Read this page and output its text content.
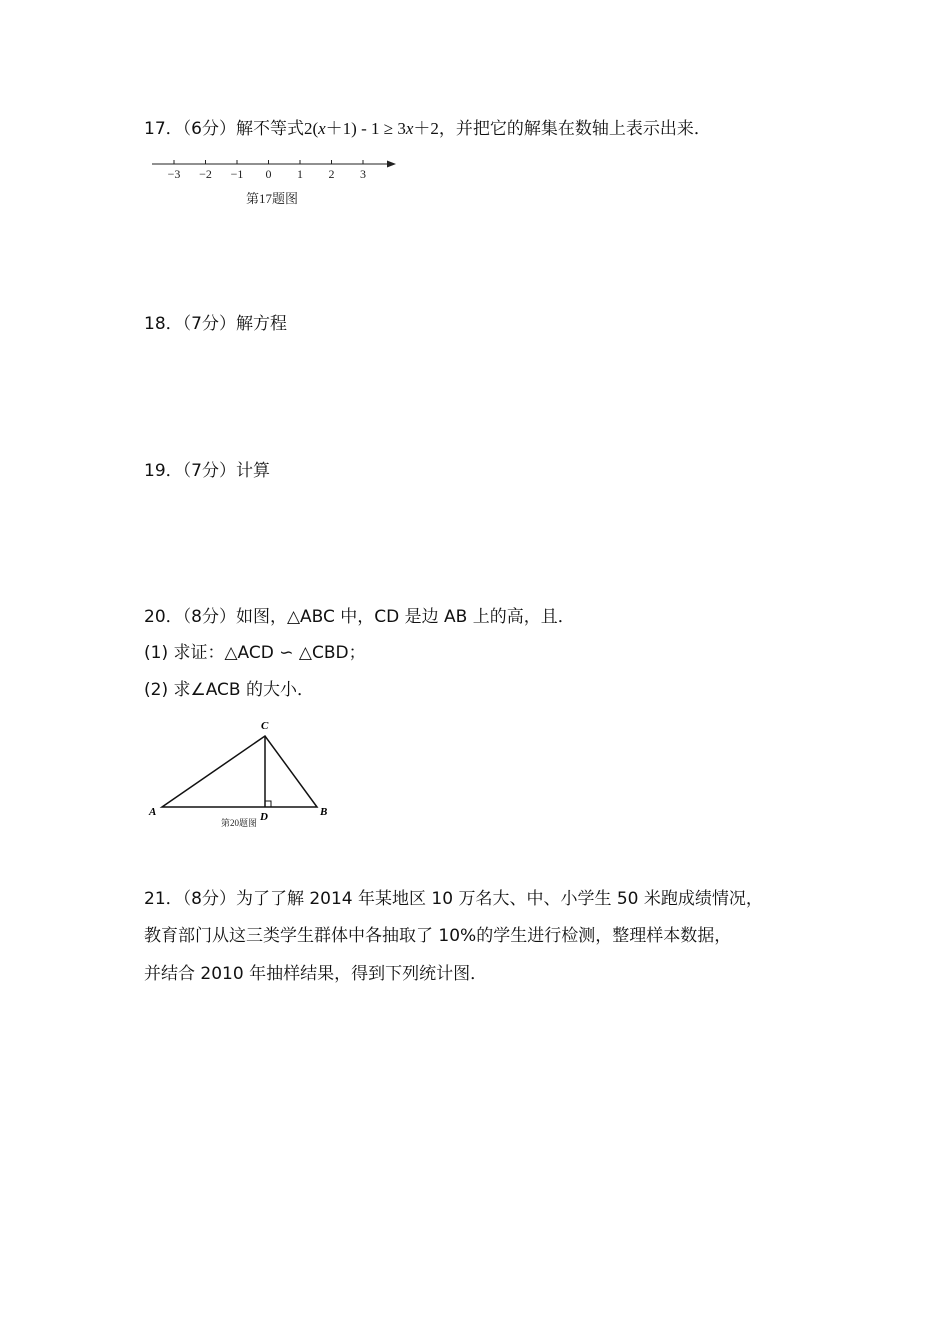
17．（6分）解不等式2(x＋1) - 1 ≥ 3x＋2，并把它的解集在数轴上表示出来．
−3 −2 −1 0 1 2 3
第17题图
18．（7分）解方程
19．（7分）计算
20．（8分）如图，△ABC 中，CD 是边 AB 上的高，且．
(1) 求证：△ACD ∽ △CBD；
(2) 求∠ACB 的大小．
C
A	B
D
第20题图
21．（8分）为了了解 2014 年某地区 10 万名大、中、小学生 50 米跑成绩情况，
教育部门从这三类学生群体中各抽取了 10%的学生进行检测，整理样本数据，
并结合 2010 年抽样结果，得到下列统计图．
